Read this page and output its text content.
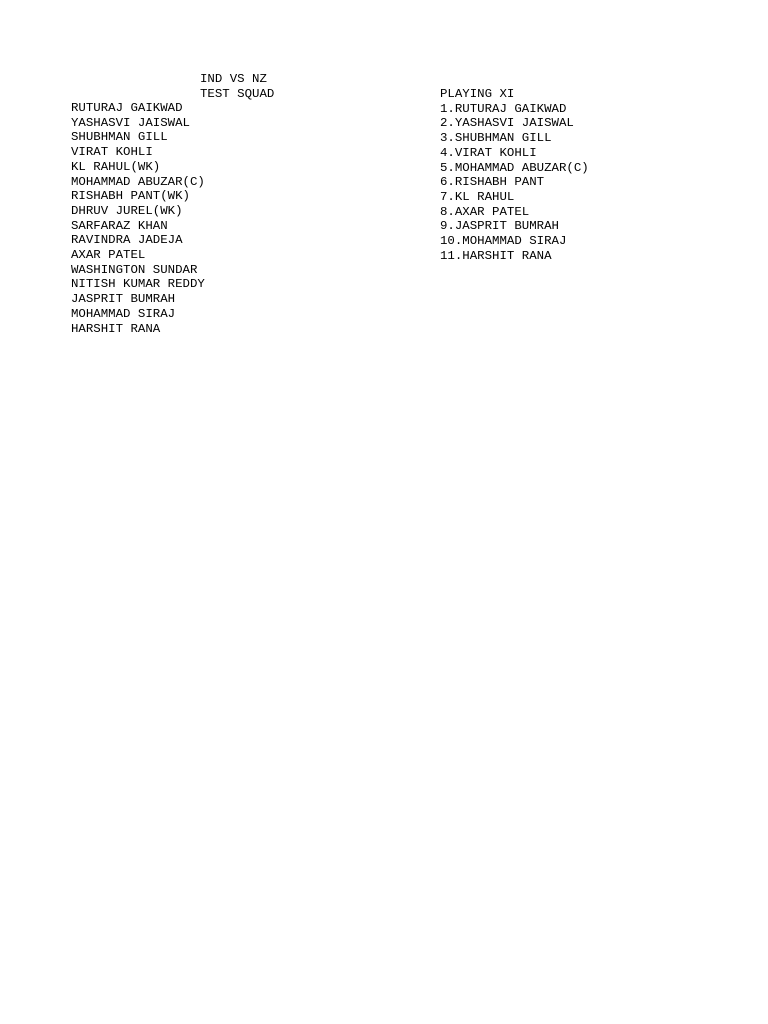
IND VS NZ
TEST SQUAD
RUTURAJ GAIKWAD
YASHASVI JAISWAL
SHUBHMAN GILL
VIRAT KOHLI
KL RAHUL(WK)
MOHAMMAD ABUZAR(C)
RISHABH PANT(WK)
DHRUV JUREL(WK)
SARFARAZ KHAN
RAVINDRA JADEJA
AXAR PATEL
WASHINGTON SUNDAR
NITISH KUMAR REDDY
JASPRIT BUMRAH
MOHAMMAD SIRAJ
HARSHIT RANA
PLAYING XI
1.RUTURAJ GAIKWAD
2.YASHASVI JAISWAL
3.SHUBHMAN GILL
4.VIRAT KOHLI
5.MOHAMMAD ABUZAR(C)
6.RISHABH PANT
7.KL RAHUL
8.AXAR PATEL
9.JASPRIT BUMRAH
10.MOHAMMAD SIRAJ
11.HARSHIT RANA
